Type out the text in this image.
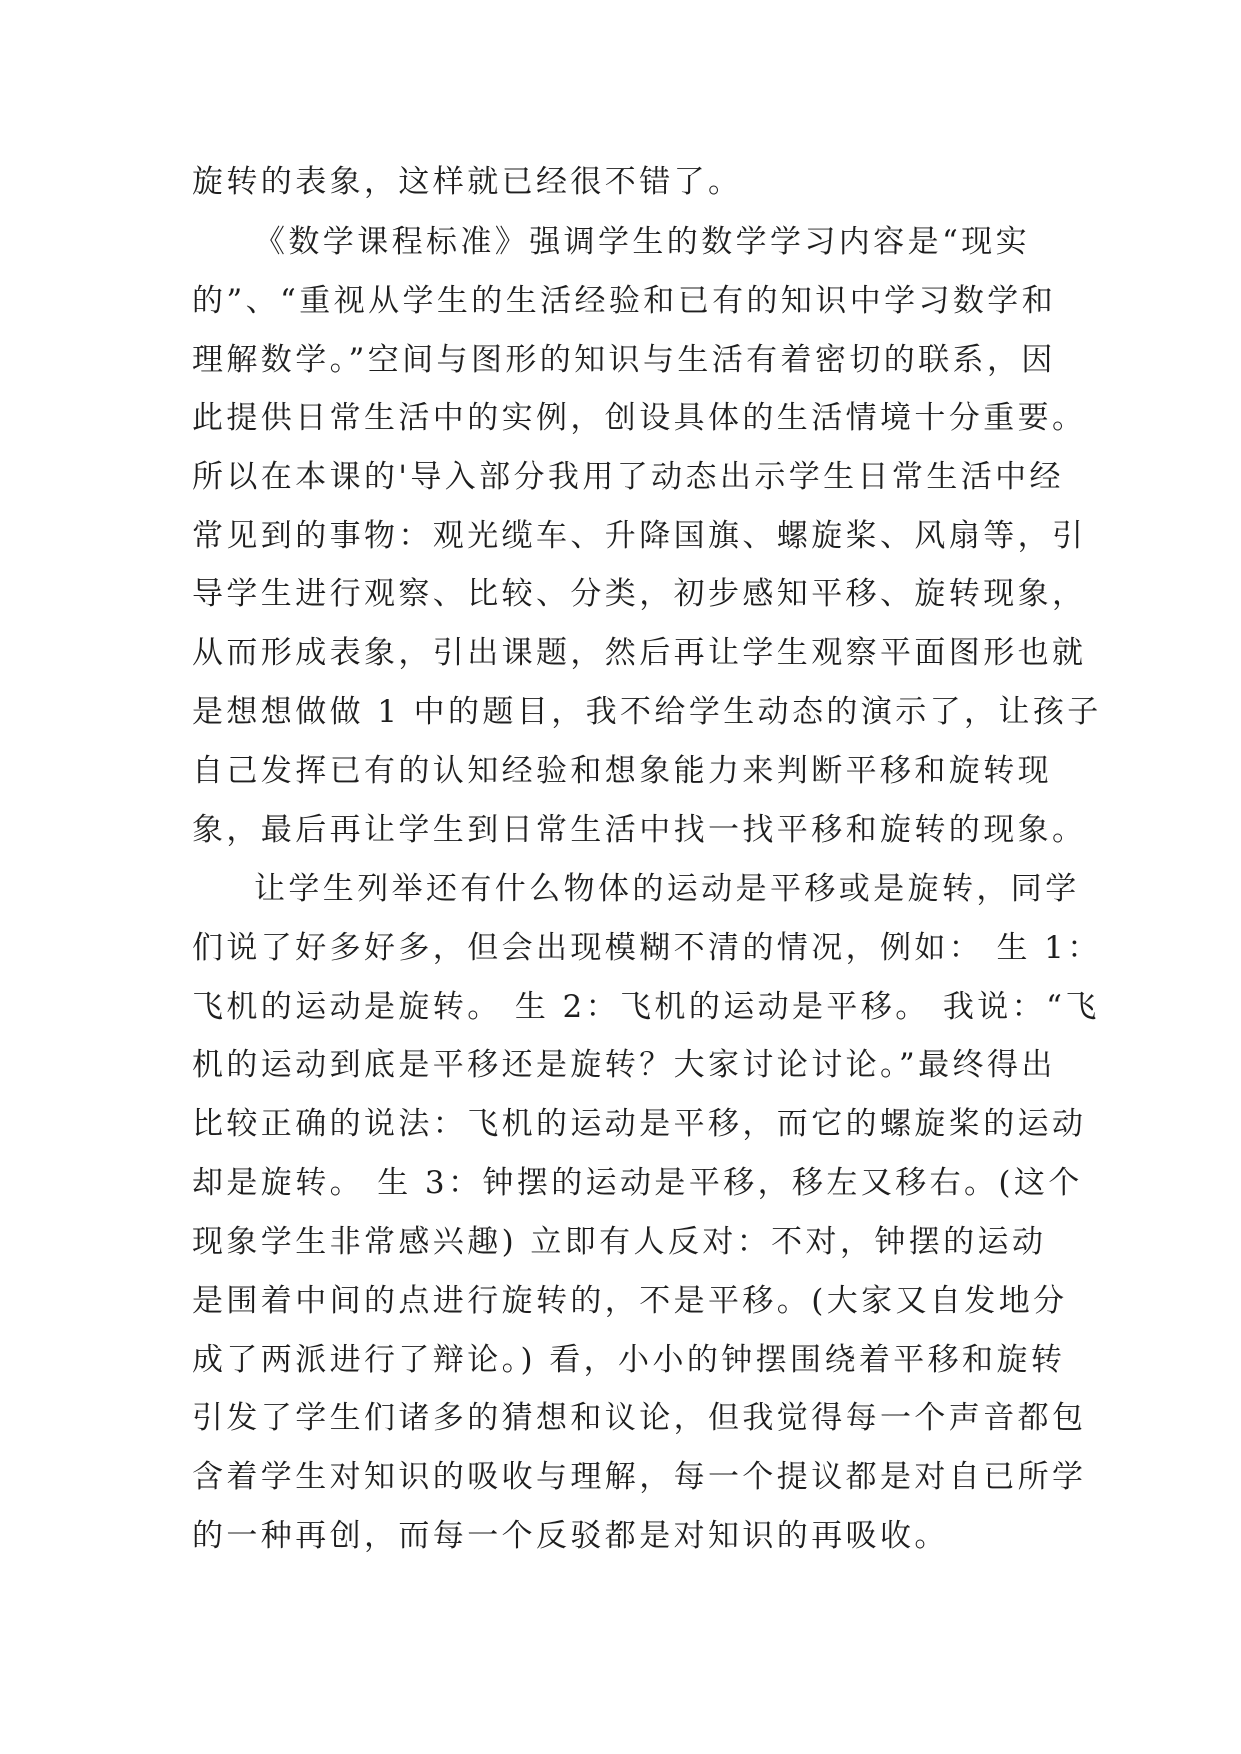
旋转的表象，这样就已经很不错了。

《数学课程标准》强调学生的数学学习内容是“现实

的”、“重视从学生的生活经验和已有的知识中学习数学和

理解数学。”空间与图形的知识与生活有着密切的联系，因

此提供日常生活中的实例，创设具体的生活情境十分重要。

所以在本课的'导入部分我用了动态出示学生日常生活中经

常见到的事物：观光缆车、升降国旗、螺旋桨、风扇等，引

导学生进行观察、比较、分类，初步感知平移、旋转现象，

从而形成表象，引出课题，然后再让学生观察平面图形也就

是想想做做 1 中的题目，我不给学生动态的演示了，让孩子

自己发挥已有的认知经验和想象能力来判断平移和旋转现

象，最后再让学生到日常生活中找一找平移和旋转的现象。

让学生列举还有什么物体的运动是平移或是旋转，同学

们说了好多好多，但会出现模糊不清的情况，例如： 生 1：

飞机的运动是旋转。 生 2：飞机的运动是平移。 我说：“飞

机的运动到底是平移还是旋转？大家讨论讨论。”最终得出

比较正确的说法：飞机的运动是平移，而它的螺旋桨的运动

却是旋转。 生 3：钟摆的运动是平移，移左又移右。(这个

现象学生非常感兴趣) 立即有人反对：不对，钟摆的运动

是围着中间的点进行旋转的，不是平移。(大家又自发地分

成了两派进行了辩论。) 看，小小的钟摆围绕着平移和旋转

引发了学生们诸多的猜想和议论，但我觉得每一个声音都包

含着学生对知识的吸收与理解，每一个提议都是对自已所学

的一种再创，而每一个反驳都是对知识的再吸收。
